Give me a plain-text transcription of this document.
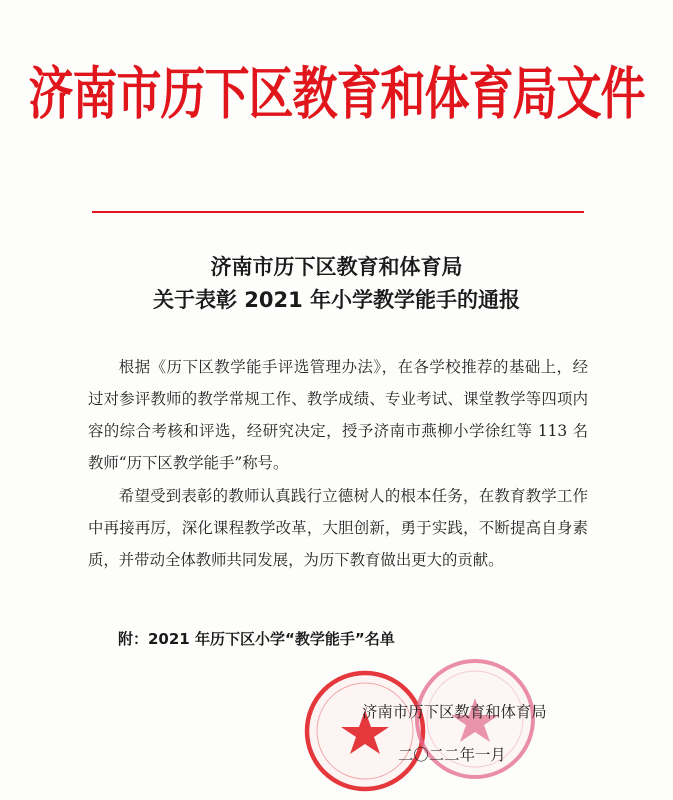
济南市历下区教育和体育局文件
济南市历下区教育和体育局
关于表彰 2021 年小学教学能手的通报
根据《历下区教学能手评选管理办法》，在各学校推荐的基础上，经过对参评教师的教学常规工作、教学成绩、专业考试、课堂教学等四项内容的综合考核和评选，经研究决定，授予济南市燕柳小学徐红等 113 名教师“历下区教学能手”称号。
希望受到表彰的教师认真践行立德树人的根本任务，在教育教学工作中再接再厉，深化课程教学改革，大胆创新，勇于实践，不断提高自身素质，并带动全体教师共同发展，为历下教育做出更大的贡献。
附：2021 年历下区小学“教学能手”名单
济南市历下区教育和体育局
二〇二二年一月
